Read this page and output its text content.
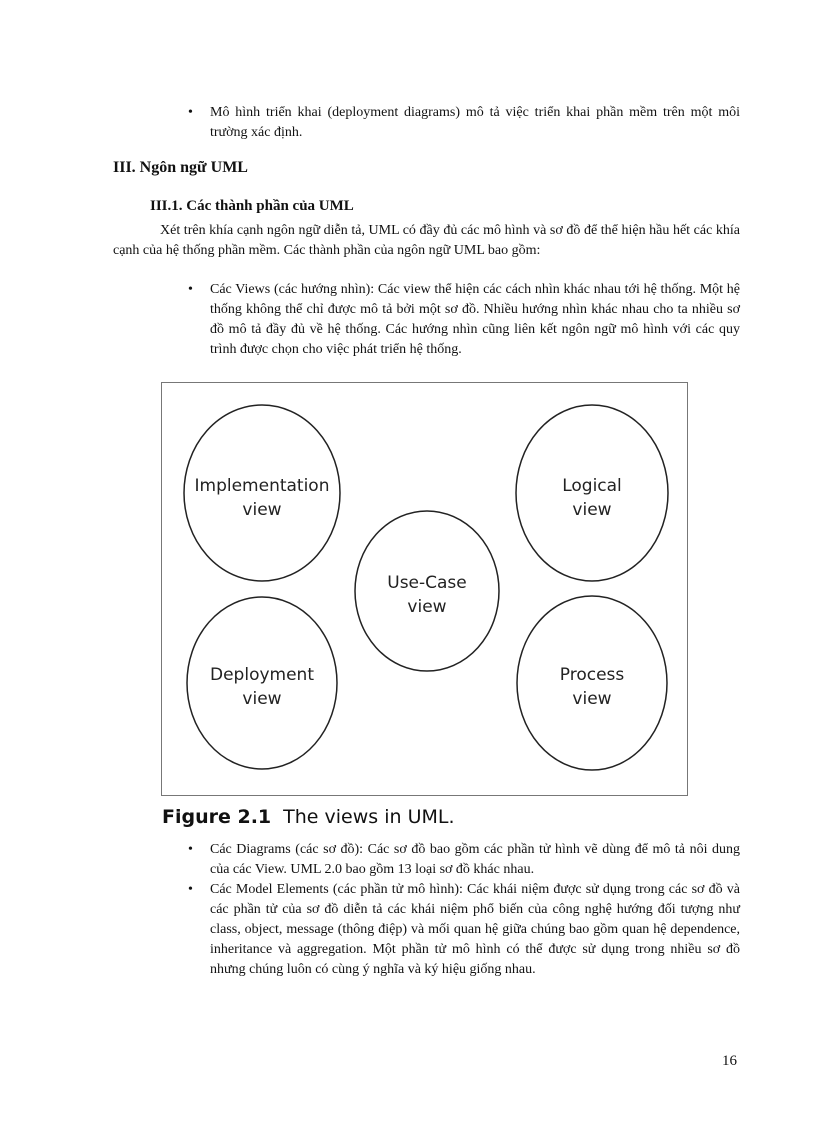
• Mô hình triển khai (deployment diagrams) mô tả việc triển khai phần mềm trên một môi trường xác định.

III. Ngôn ngữ UML
III.1. Các thành phần của UML

Xét trên khía cạnh ngôn ngữ diễn tả, UML có đầy đủ các mô hình và sơ đồ để thể hiện hầu hết các khía cạnh của hệ thống phần mềm. Các thành phần của ngôn ngữ UML bao gồm:

• Các Views (các hướng nhìn): Các view thể hiện các cách nhìn khác nhau tới hệ thống. Một hệ thống không thể chỉ được mô tả bởi một sơ đồ. Nhiều hướng nhìn khác nhau cho ta nhiều sơ đồ mô tả đầy đủ về hệ thống. Các hướng nhìn cũng liên kết ngôn ngữ mô hình với các quy trình được chọn cho việc phát triển hệ thống.

Implementation
view
Logical
view
Use-Case
view
Deployment
view
Process
view
Figure 2.1 The views in UML.
• Các Diagrams (các sơ đồ): Các sơ đồ bao gồm các phần tử hình vẽ dùng để mô tả nôi dung của các View. UML 2.0 bao gồm 13 loại sơ đồ khác nhau.

• Các Model Elements (các phần tử mô hình): Các khái niệm được sử dụng trong các sơ đồ và các phần tử của sơ đồ diễn tả các khái niệm phổ biến của công nghệ hướng đối tượng như class, object, message (thông điệp) và mối quan hệ giữa chúng bao gồm quan hệ dependence, inheritance và aggregation. Một phần tử mô hình có thể được sử dụng trong nhiều sơ đồ nhưng chúng luôn có cùng ý nghĩa và ký hiệu giống nhau.

16
